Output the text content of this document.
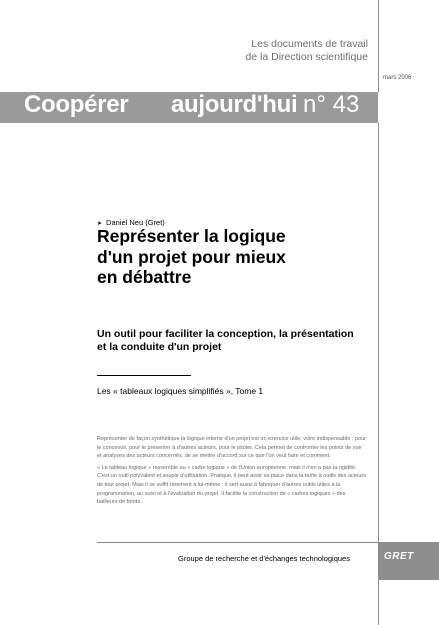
Les documents de travail
de la Direction scientifique
mars 2006
Coopérer aujourd'hui n° 43
➤ Daniel Neu (Gret)
Représenter la logique
d'un projet pour mieux
en débattre
Un outil pour faciliter la conception, la présentation
et la conduite d'un projet
Les « tableaux logiques simplifiés », Tome 1

Représenter de façon synthétique la logique interne d'un projet est un exercice utile, voire indispensable : pour le concevoir, pour le présenter à d'autres acteurs, pour le piloter. Cela permet de confronter les points de vue et analyses des acteurs concernés, de se mettre d'accord sur ce que l'on veut faire et comment.

« Le tableau logique » ressemble au « cadre logique » de l'Union européenne, mais il n'en a pas la rigidité. C'est un outil polyvalent et souple d'utilisation. Pratique, il peut avoir sa place dans la boîte à outils des acteurs de tout projet. Mais il se suffit rarement à lui-même : il sert aussi à fabriquer d'autres outils utiles à la programmation, au suivi et à l'évaluation du projet. Il facilite la construction de « cadres logiques » des bailleurs de fonds.

Groupe de recherche et d'échanges technologiques	GRET
